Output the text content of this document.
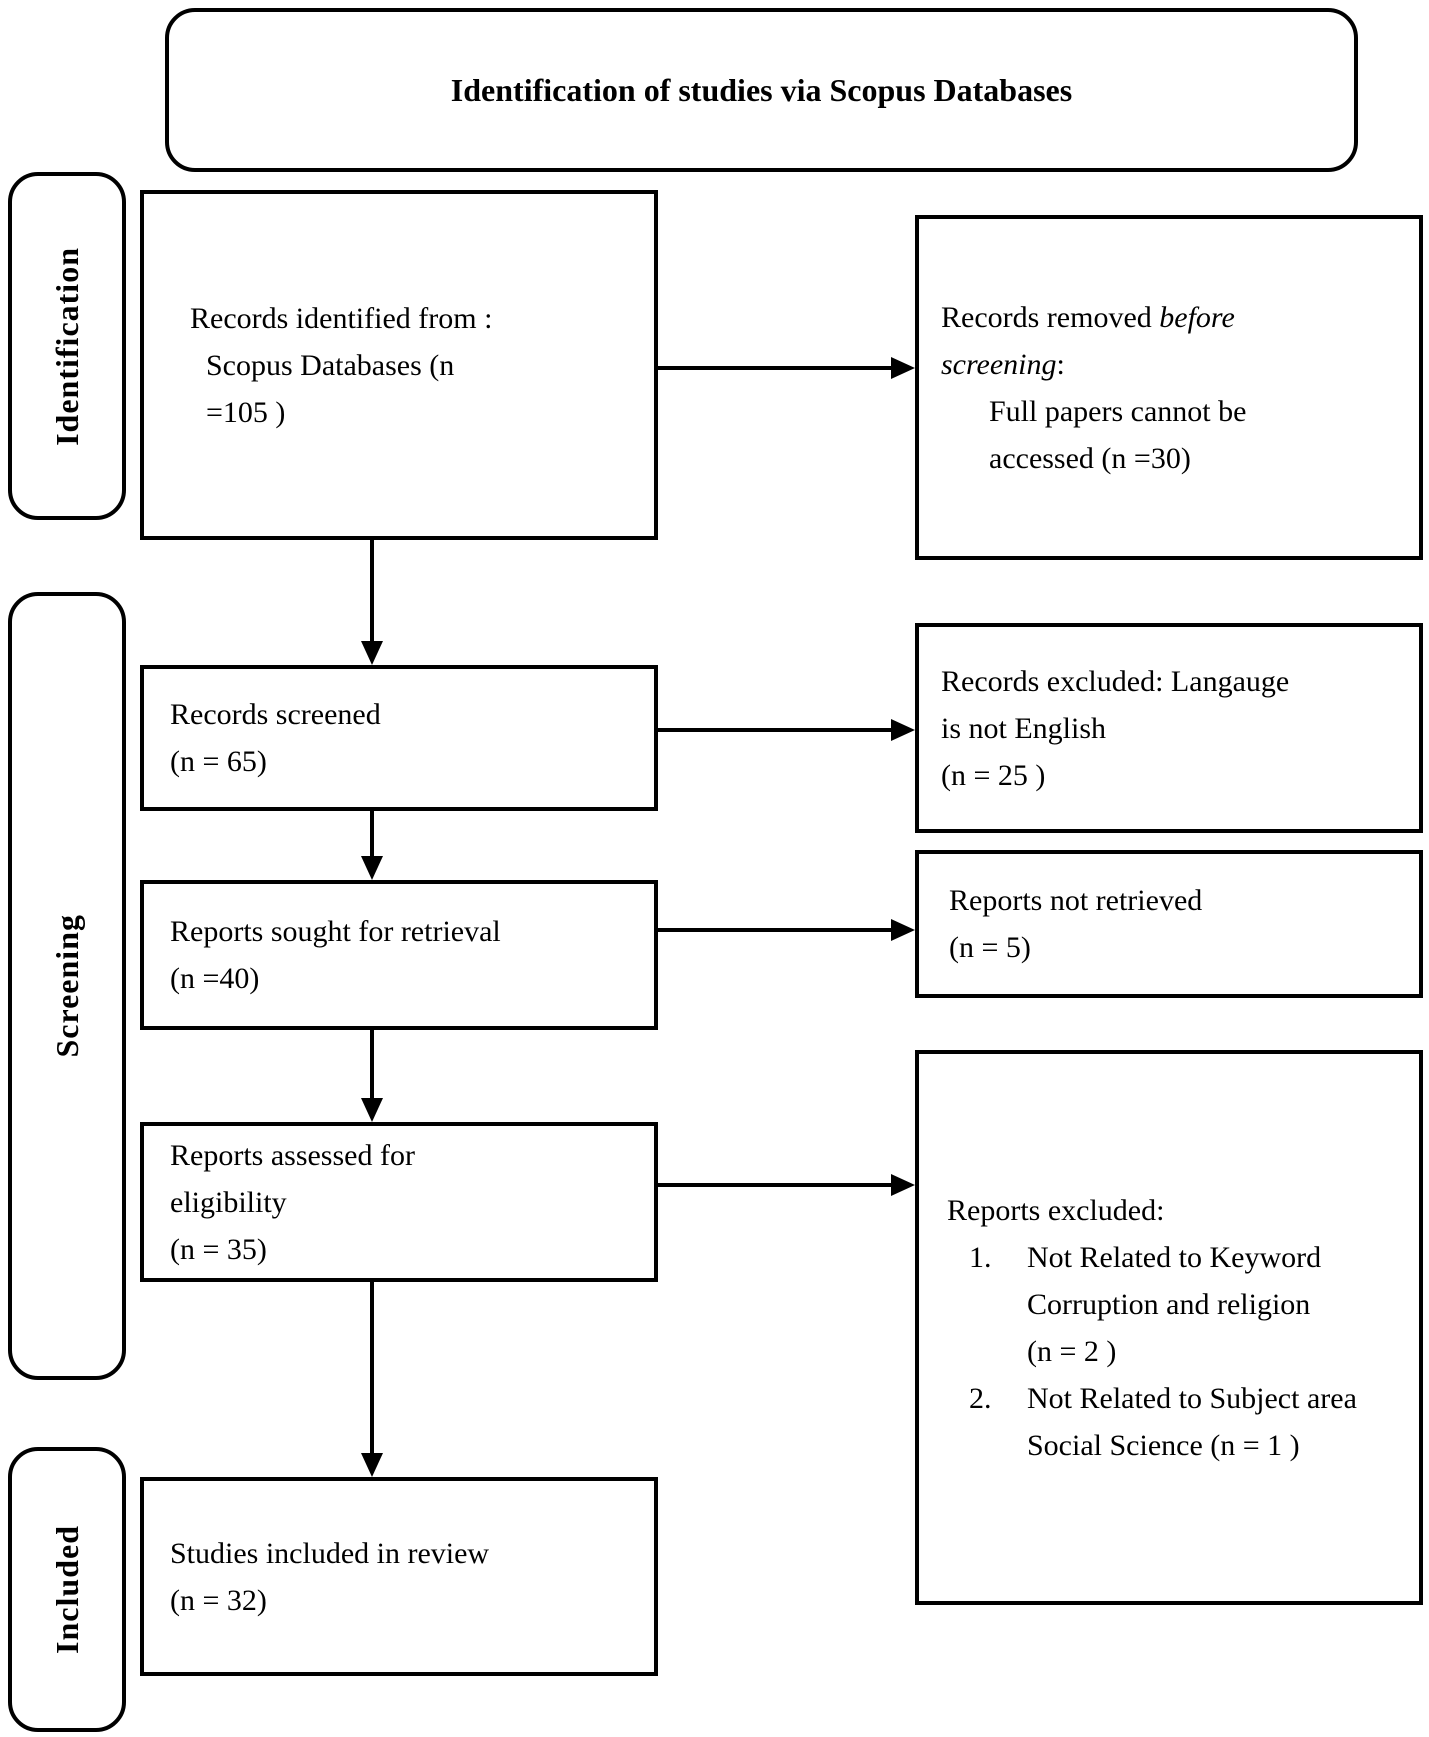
Identification of studies via Scopus Databases
Identification
Screening
Included
Records identified from :
Scopus Databases (n
=105 )
Records screened
(n = 65)
Reports sought for retrieval
(n =40)
Reports assessed for
eligibility
(n = 35)
Studies included in review
(n = 32)
Records removed before
screening:
Full papers cannot be
accessed (n =30)
Records excluded: Langauge
is not English
(n = 25 )
Reports not retrieved
(n = 5)
Reports excluded:
1.	Not Related to Keyword
Corruption and religion
(n = 2 )
2.	Not Related to Subject area
Social Science (n = 1 )
